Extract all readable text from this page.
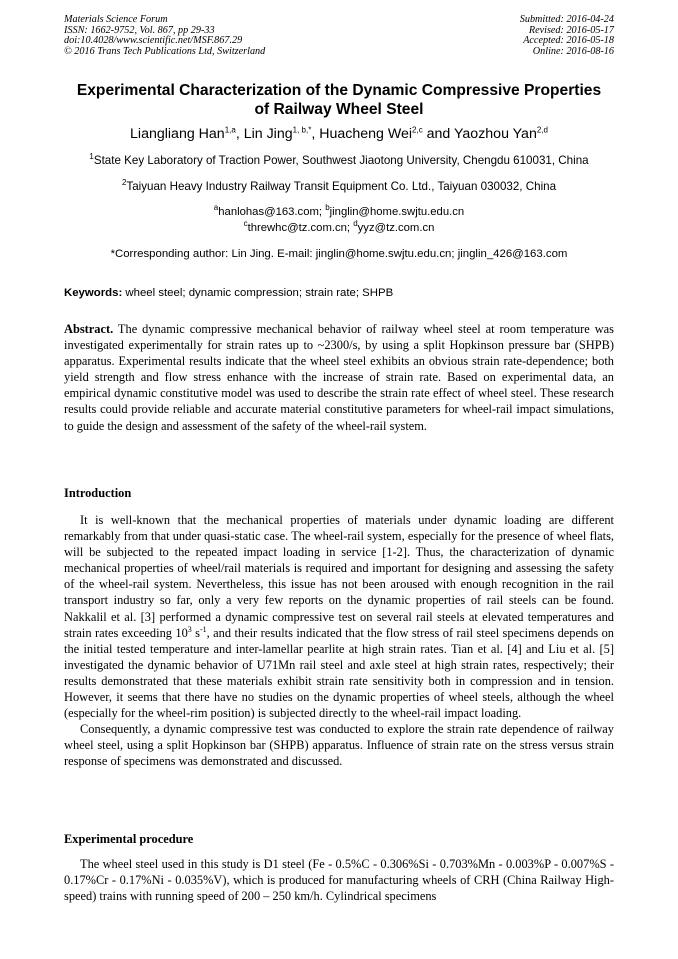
Materials Science Forum
ISSN: 1662-9752, Vol. 867, pp 29-33
doi:10.4028/www.scientific.net/MSF.867.29
© 2016 Trans Tech Publications Ltd, Switzerland
Submitted: 2016-04-24
Revised: 2016-05-17
Accepted: 2016-05-18
Online: 2016-08-16
Experimental Characterization of the Dynamic Compressive Properties
of Railway Wheel Steel
Liangliang Han$^{1,a}$, Lin Jing$^{1, b,*}$, Huacheng Wei$^{2,c}$ and Yaozhou Yan$^{2,d}$
$^1$State Key Laboratory of Traction Power, Southwest Jiaotong University, Chengdu 610031, China
$^2$Taiyuan Heavy Industry Railway Transit Equipment Co. Ltd., Taiyuan 030032, China
$^a$hanlohas@163.com; $^b$jinglin@home.swjtu.edu.cn
$^c$threwhc@tz.com.cn; $^d$yyz@tz.com.cn
*Corresponding author: Lin Jing. E-mail: jinglin@home.swjtu.edu.cn; jinglin_426@163.com
Keywords: wheel steel; dynamic compression; strain rate; SHPB
Abstract. The dynamic compressive mechanical behavior of railway wheel steel at room temperature was investigated experimentally for strain rates up to ~2300/s, by using a split Hopkinson pressure bar (SHPB) apparatus. Experimental results indicate that the wheel steel exhibits an obvious strain rate-dependence; both yield strength and flow stress enhance with the increase of strain rate. Based on experimental data, an empirical dynamic constitutive model was used to describe the strain rate effect of wheel steel. These research results could provide reliable and accurate material constitutive parameters for wheel-rail impact simulations, to guide the design and assessment of the safety of the wheel-rail system.
Introduction

It is well-known that the mechanical properties of materials under dynamic loading are different remarkably from that under quasi-static case. The wheel-rail system, especially for the presence of wheel flats, will be subjected to the repeated impact loading in service [1-2]. Thus, the characterization of dynamic mechanical properties of wheel/rail materials is required and important for designing and assessing the safety of the wheel-rail system. Nevertheless, this issue has not been aroused with enough recognition in the rail transport industry so far, only a very few reports on the dynamic properties of rail steels can be found. Nakkalil et al. [3] performed a dynamic compressive test on several rail steels at elevated temperatures and strain rates exceeding $10^3$ $s^{-1}$, and their results indicated that the flow stress of rail steel specimens depends on the initial tested temperature and inter-lamellar pearlite at high strain rates. Tian et al. [4] and Liu et al. [5] investigated the dynamic behavior of U71Mn rail steel and axle steel at high strain rates, respectively; their results demonstrated that these materials exhibit strain rate sensitivity both in compression and in tension. However, it seems that there have no studies on the dynamic properties of wheel steels, although the wheel (especially for the wheel-rim position) is subjected directly to the wheel-rail impact loading.

Consequently, a dynamic compressive test was conducted to explore the strain rate dependence of railway wheel steel, using a split Hopkinson bar (SHPB) apparatus. Influence of strain rate on the stress versus strain response of specimens was demonstrated and discussed.

Experimental procedure

The wheel steel used in this study is D1 steel (Fe - 0.5%C - 0.306%Si - 0.703%Mn - 0.003%P - 0.007%S - 0.17%Cr - 0.17%Ni - 0.035%V), which is produced for manufacturing wheels of CRH (China Railway High-speed) trains with running speed of 200 – 250 km/h. Cylindrical specimens
